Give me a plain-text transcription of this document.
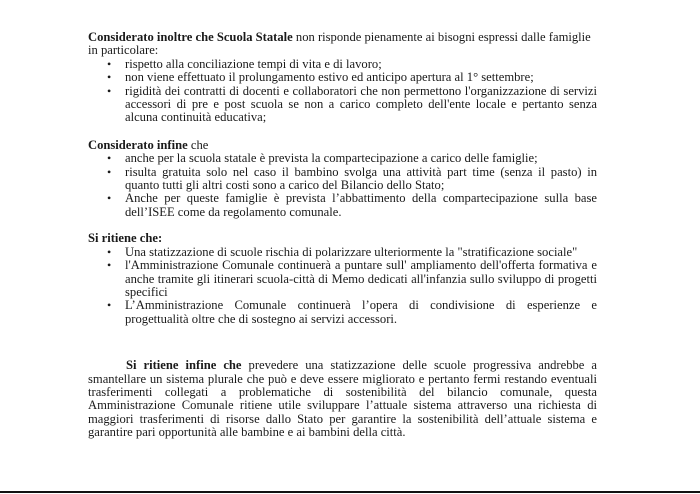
Considerato inoltre che Scuola Statale non risponde pienamente ai bisogni espressi dalle famiglie

in particolare:

• rispetto alla conciliazione tempi di vita e di lavoro;
• non viene effettuato il prolungamento estivo ed anticipo apertura al 1° settembre;
• rigidità dei contratti di docenti e collaboratori che non permettono l'organizzazione di servizi accessori di pre e post scuola se non a carico completo dell'ente locale e pertanto senza alcuna continuità educativa;

Considerato infine che

• anche per la scuola statale è prevista la compartecipazione a carico delle famiglie;
• risulta gratuita solo nel caso il bambino svolga una attività part time (senza il pasto) in quanto tutti gli altri costi sono a carico del Bilancio dello Stato;
• Anche per queste famiglie è prevista l’abbattimento della compartecipazione sulla base dell’ISEE come da regolamento comunale.

Si ritiene che:

• Una statizzazione di scuole rischia di polarizzare ulteriormente la "stratificazione sociale"
• l'Amministrazione Comunale continuerà a puntare sull' ampliamento dell'offerta formativa e anche tramite gli itinerari scuola-città di Memo dedicati all'infanzia sullo sviluppo di progetti specifici
• L’Amministrazione Comunale continuerà l’opera di condivisione di esperienze e progettualità oltre che di sostegno ai servizi accessori.

Si ritiene infine che prevedere una statizzazione delle scuole progressiva andrebbe a smantellare un sistema plurale che può e deve essere migliorato e pertanto fermi restando eventuali trasferimenti collegati a problematiche di sostenibilità del bilancio comunale, questa Amministrazione Comunale ritiene utile sviluppare l’attuale sistema attraverso una richiesta di maggiori trasferimenti di risorse dallo Stato per garantire la sostenibilità dell’attuale sistema e garantire pari opportunità alle bambine e ai bambini della città.
